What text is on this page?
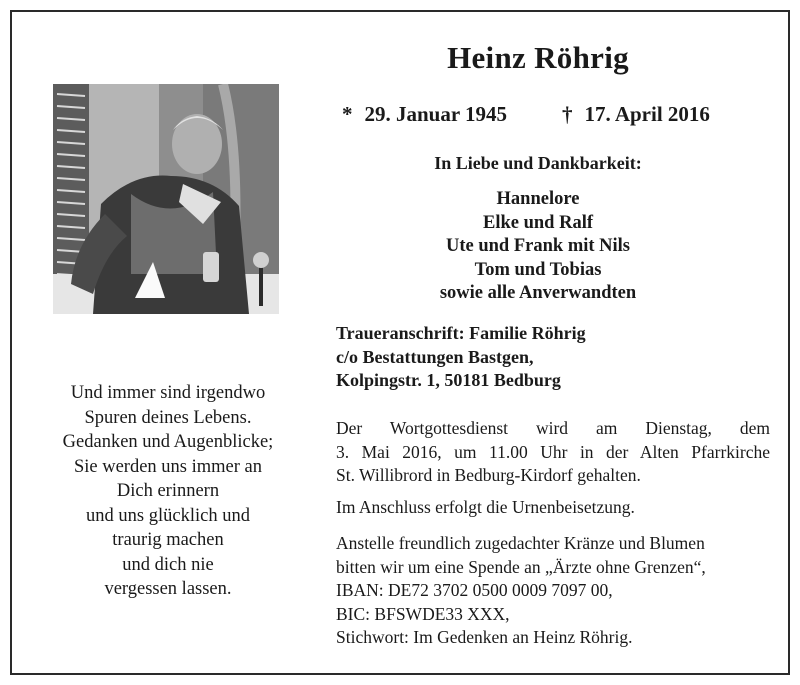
Heinz Röhrig
* 29. Januar 1945	† 17. April 2016
In Liebe und Dankbarkeit:
Hannelore
Elke und Ralf
Ute und Frank mit Nils
Tom und Tobias
sowie alle Anverwandten
Traueranschrift: Familie Röhrig
c/o Bestattungen Bastgen,
Kolpingstr. 1, 50181 Bedburg
Und immer sind irgendwo
Spuren deines Lebens.
Gedanken und Augenblicke;
Sie werden uns immer an
Dich erinnern
und uns glücklich und
traurig machen
und dich nie
vergessen lassen.
Der Wortgottesdienst wird am Dienstag, dem
3. Mai 2016, um 11.00 Uhr in der Alten Pfarrkirche
St. Willibrord in Bedburg-Kirdorf gehalten.
Im Anschluss erfolgt die Urnenbeisetzung.
Anstelle freundlich zugedachter Kränze und Blumen
bitten wir um eine Spende an „Ärzte ohne Grenzen“,
IBAN: DE72 3702 0500 0009 7097 00,
BIC: BFSWDE33 XXX,
Stichwort: Im Gedenken an Heinz Röhrig.
